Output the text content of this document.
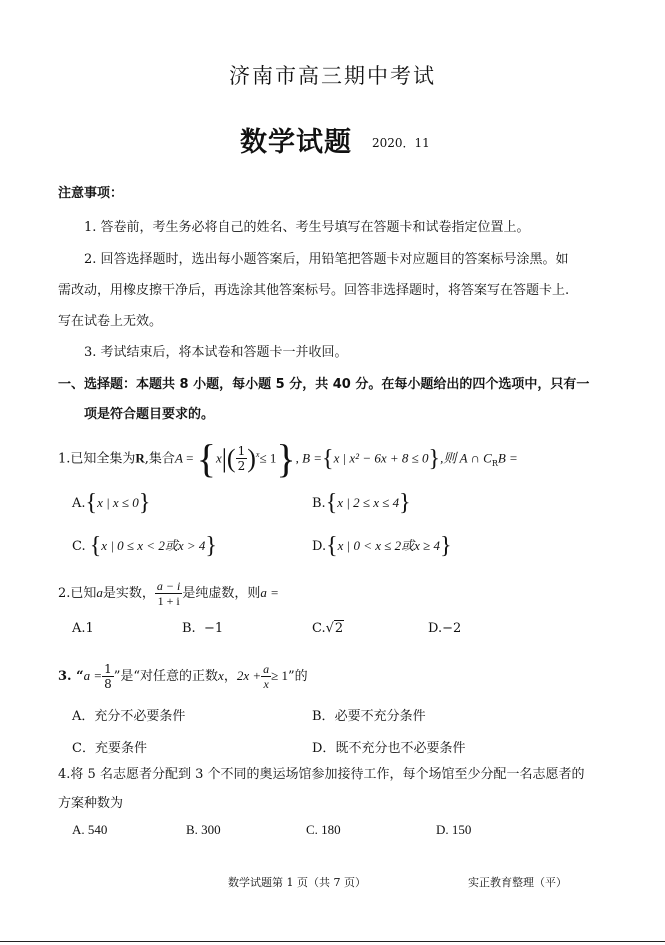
济南市高三期中考试
数学试题 2020．11
注意事项：
1. 答卷前，考生务必将自己的姓名、考生号填写在答题卡和试卷指定位置上。
2. 回答选择题时，选出每小题答案后，用铅笔把答题卡对应题目的答案标号涂黑。如
需改动，用橡皮擦干净后，再选涂其他答案标号。回答非选择题时，将答案写在答题卡上.
写在试卷上无效。
3. 考试结束后，将本试卷和答题卡一并收回。
一、选择题：本题共 8 小题，每小题 5 分，共 40 分。在每小题给出的四个选项中，只有一
项是符合题目要求的。
1.已知全集为R,集合$A = \{x|( \frac{1}{2} )^x\le 1\}$, B ={x | x² − 6x + 8 ≤ 0},则 A ∩ $C_RB$ =
A.{x | x ≤ 0}	B.{x | 2 ≤ x ≤ 4}
C. {x | 0 ≤ x < 2或x > 4}	D.{x | 0 < x ≤ 2或x ≥ 4}
2.已知a是实数， $\frac{a - i}{1 + i}$ 是纯虚数，则a =
A.1	B. −1	C.√2	D.−2
3. “$a = \frac{1}{8}$ ”是“对任意的正数x，$2x + \frac{a}{x} \ge 1$”的
A．充分不必要条件	B．必要不充分条件
C．充要条件	D．既不充分也不必要条件
4.将 5 名志愿者分配到 3 个不同的奥运场馆参加接待工作，每个场馆至少分配一名志愿者的
方案种数为
A. 540	B. 300	C. 180	D. 150
数学试题第 1 页（共 7 页）	实正教育整理（平）
